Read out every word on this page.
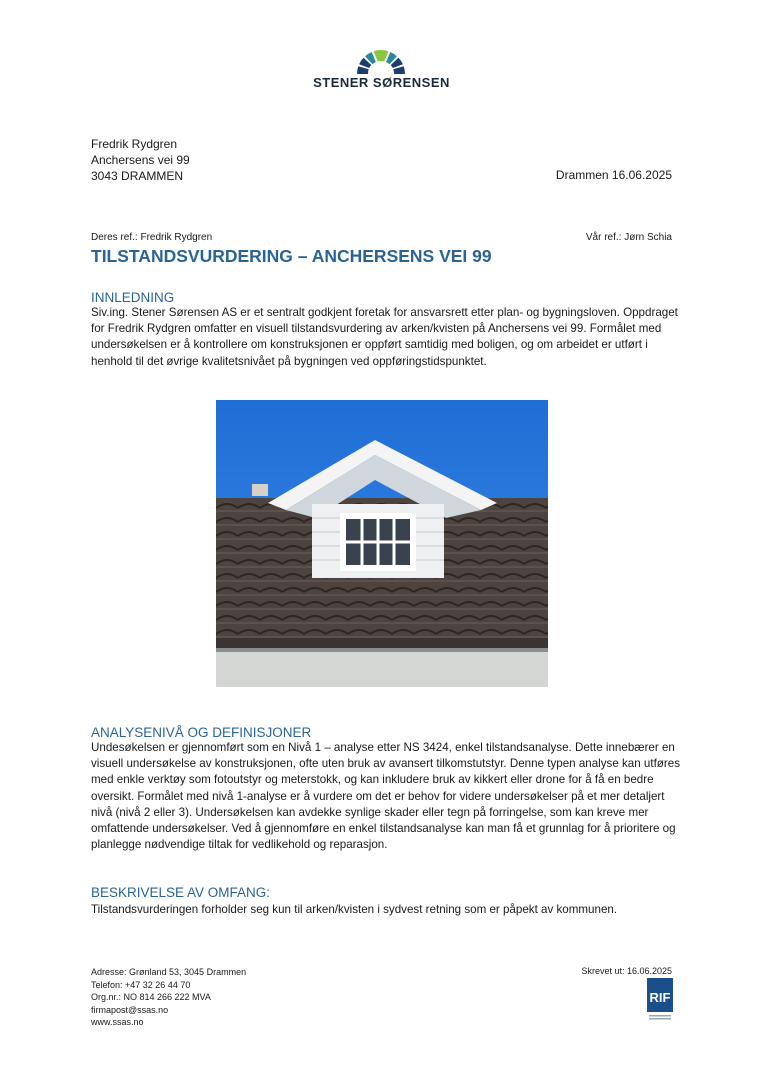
STENER SØRENSEN
Fredrik Rydgren
Anchersens vei 99
3043 DRAMMEN	Drammen 16.06.2025
Deres ref.: Fredrik Rydgren	Vår ref.: Jørn Schia
TILSTANDSVURDERING – ANCHERSENS VEI 99
INNLEDNING

Siv.ing. Stener Sørensen AS er et sentralt godkjent foretak for ansvarsrett etter plan- og bygningsloven. Oppdraget for Fredrik Rydgren omfatter en visuell tilstandsvurdering av arken/kvisten på Anchersens vei 99. Formålet med undersøkelsen er å kontrollere om konstruksjonen er oppført samtidig med boligen, og om arbeidet er utført i henhold til det øvrige kvalitetsnivået på bygningen ved oppføringstidspunktet.

ANALYSENIVÅ OG DEFINISJONER

Undesøkelsen er gjennomført som en Nivå 1 – analyse etter NS 3424, enkel tilstandsanalyse. Dette innebærer en visuell undersøkelse av konstruksjonen, ofte uten bruk av avansert tilkomstutstyr. Denne typen analyse kan utføres med enkle verktøy som fotoutstyr og meterstokk, og kan inkludere bruk av kikkert eller drone for å få en bedre oversikt. Formålet med nivå 1-analyse er å vurdere om det er behov for videre undersøkelser på et mer detaljert nivå (nivå 2 eller 3). Undersøkelsen kan avdekke synlige skader eller tegn på forringelse, som kan kreve mer omfattende undersøkelser. Ved å gjennomføre en enkel tilstandsanalyse kan man få et grunnlag for å prioritere og planlegge nødvendige tiltak for vedlikehold og reparasjon.

BESKRIVELSE AV OMFANG:

Tilstandsvurderingen forholder seg kun til arken/kvisten i sydvest retning som er påpekt av kommunen.

Adresse: Grønland 53, 3045 Drammen
Telefon: +47 32 26 44 70
Org.nr.: NO 814 266 222 MVA
firmapost@ssas.no
www.ssas.no
Skrevet ut: 16.06.2025
RIF
